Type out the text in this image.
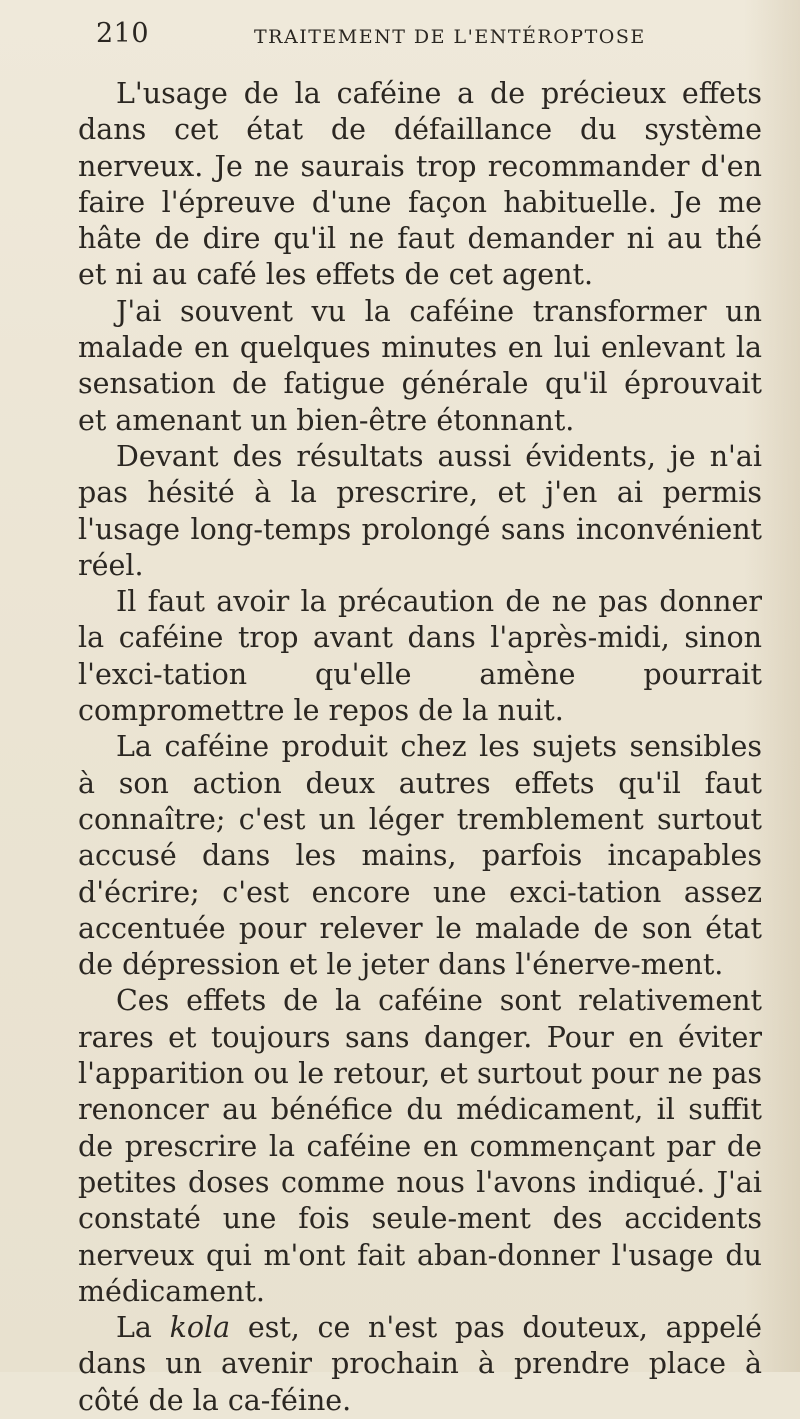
210	TRAITEMENT DE L'ENTÉROPTOSE

L'usage de la caféine a de précieux effets dans cet état de défaillance du système nerveux. Je ne saurais trop recommander d'en faire l'épreuve d'une façon habituelle. Je me hâte de dire qu'il ne faut demander ni au thé et ni au café les effets de cet agent.

J'ai souvent vu la caféine transformer un malade en quelques minutes en lui enlevant la sensation de fatigue générale qu'il éprouvait et amenant un bien-être étonnant.

Devant des résultats aussi évidents, je n'ai pas hésité à la prescrire, et j'en ai permis l'usage long-temps prolongé sans inconvénient réel.

Il faut avoir la précaution de ne pas donner la caféine trop avant dans l'après-midi, sinon l'exci-tation qu'elle amène pourrait compromettre le repos de la nuit.

La caféine produit chez les sujets sensibles à son action deux autres effets qu'il faut connaître; c'est un léger tremblement surtout accusé dans les mains, parfois incapables d'écrire; c'est encore une exci-tation assez accentuée pour relever le malade de son état de dépression et le jeter dans l'énerve-ment.

Ces effets de la caféine sont relativement rares et toujours sans danger. Pour en éviter l'apparition ou le retour, et surtout pour ne pas renoncer au bénéfice du médicament, il suffit de prescrire la caféine en commençant par de petites doses comme nous l'avons indiqué. J'ai constaté une fois seule-ment des accidents nerveux qui m'ont fait aban-donner l'usage du médicament.

La kola est, ce n'est pas douteux, appelé dans un avenir prochain à prendre place à côté de la ca-féine.
